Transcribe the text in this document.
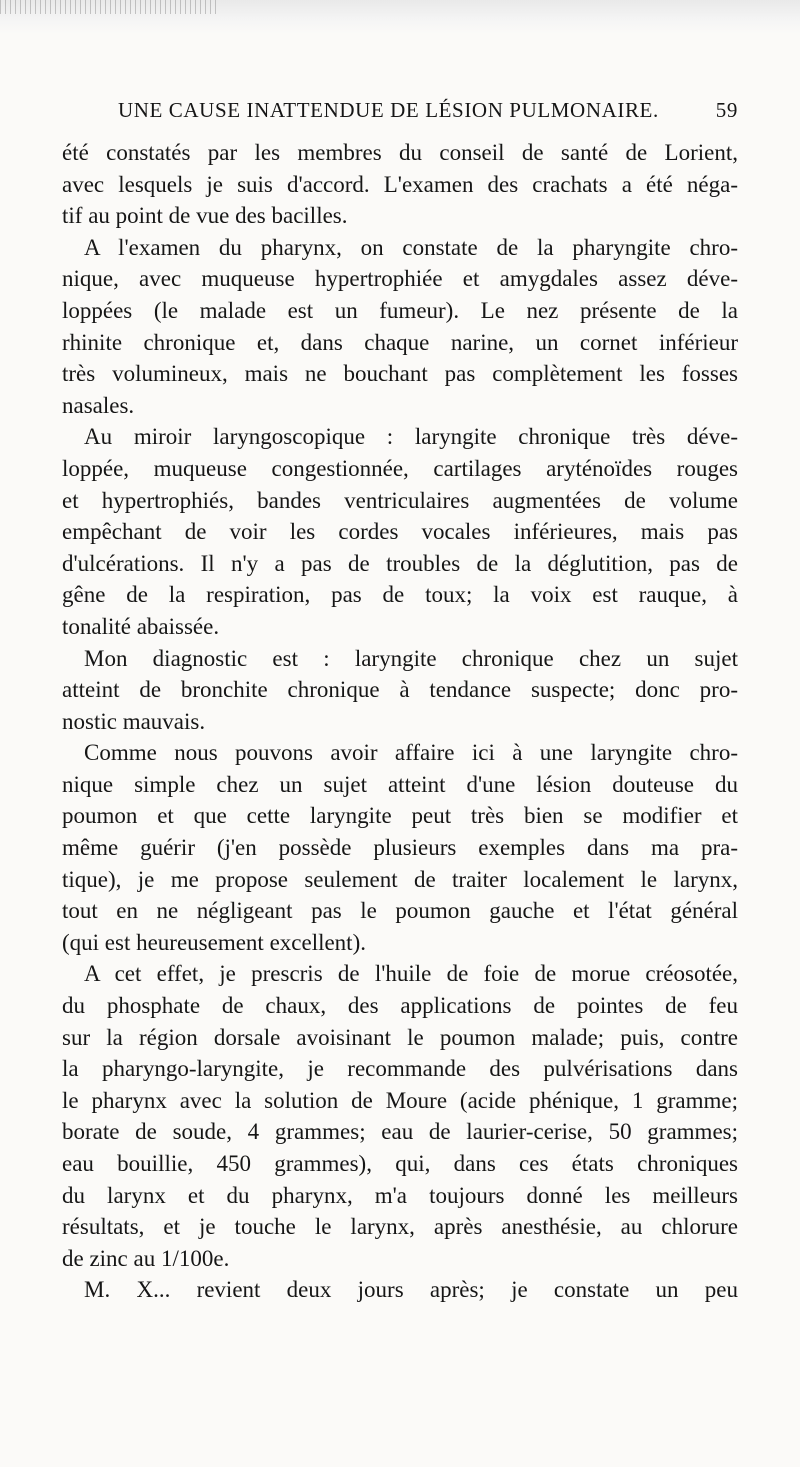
UNE CAUSE INATTENDUE DE LÉSION PULMONAIRE.	59
été constatés par les membres du conseil de santé de Lorient,
avec lesquels je suis d'accord. L'examen des crachats a été néga-
tif au point de vue des bacilles.
A l'examen du pharynx, on constate de la pharyngite chro-
nique, avec muqueuse hypertrophiée et amygdales assez déve-
loppées (le malade est un fumeur). Le nez présente de la
rhinite chronique et, dans chaque narine, un cornet inférieur
très volumineux, mais ne bouchant pas complètement les fosses
nasales.
Au miroir laryngoscopique : laryngite chronique très déve-
loppée, muqueuse congestionnée, cartilages aryténoïdes rouges
et hypertrophiés, bandes ventriculaires augmentées de volume
empêchant de voir les cordes vocales inférieures, mais pas
d'ulcérations. Il n'y a pas de troubles de la déglutition, pas de
gêne de la respiration, pas de toux; la voix est rauque, à
tonalité abaissée.
Mon diagnostic est : laryngite chronique chez un sujet
atteint de bronchite chronique à tendance suspecte; donc pro-
nostic mauvais.
Comme nous pouvons avoir affaire ici à une laryngite chro-
nique simple chez un sujet atteint d'une lésion douteuse du
poumon et que cette laryngite peut très bien se modifier et
même guérir (j'en possède plusieurs exemples dans ma pra-
tique), je me propose seulement de traiter localement le larynx,
tout en ne négligeant pas le poumon gauche et l'état général
(qui est heureusement excellent).
A cet effet, je prescris de l'huile de foie de morue créosotée,
du phosphate de chaux, des applications de pointes de feu
sur la région dorsale avoisinant le poumon malade; puis, contre
la pharyngo-laryngite, je recommande des pulvérisations dans
le pharynx avec la solution de Moure (acide phénique, 1 gramme;
borate de soude, 4 grammes; eau de laurier-cerise, 50 grammes;
eau bouillie, 450 grammes), qui, dans ces états chroniques
du larynx et du pharynx, m'a toujours donné les meilleurs
résultats, et je touche le larynx, après anesthésie, au chlorure
de zinc au 1/100e.
M. X... revient deux jours après; je constate un peu
